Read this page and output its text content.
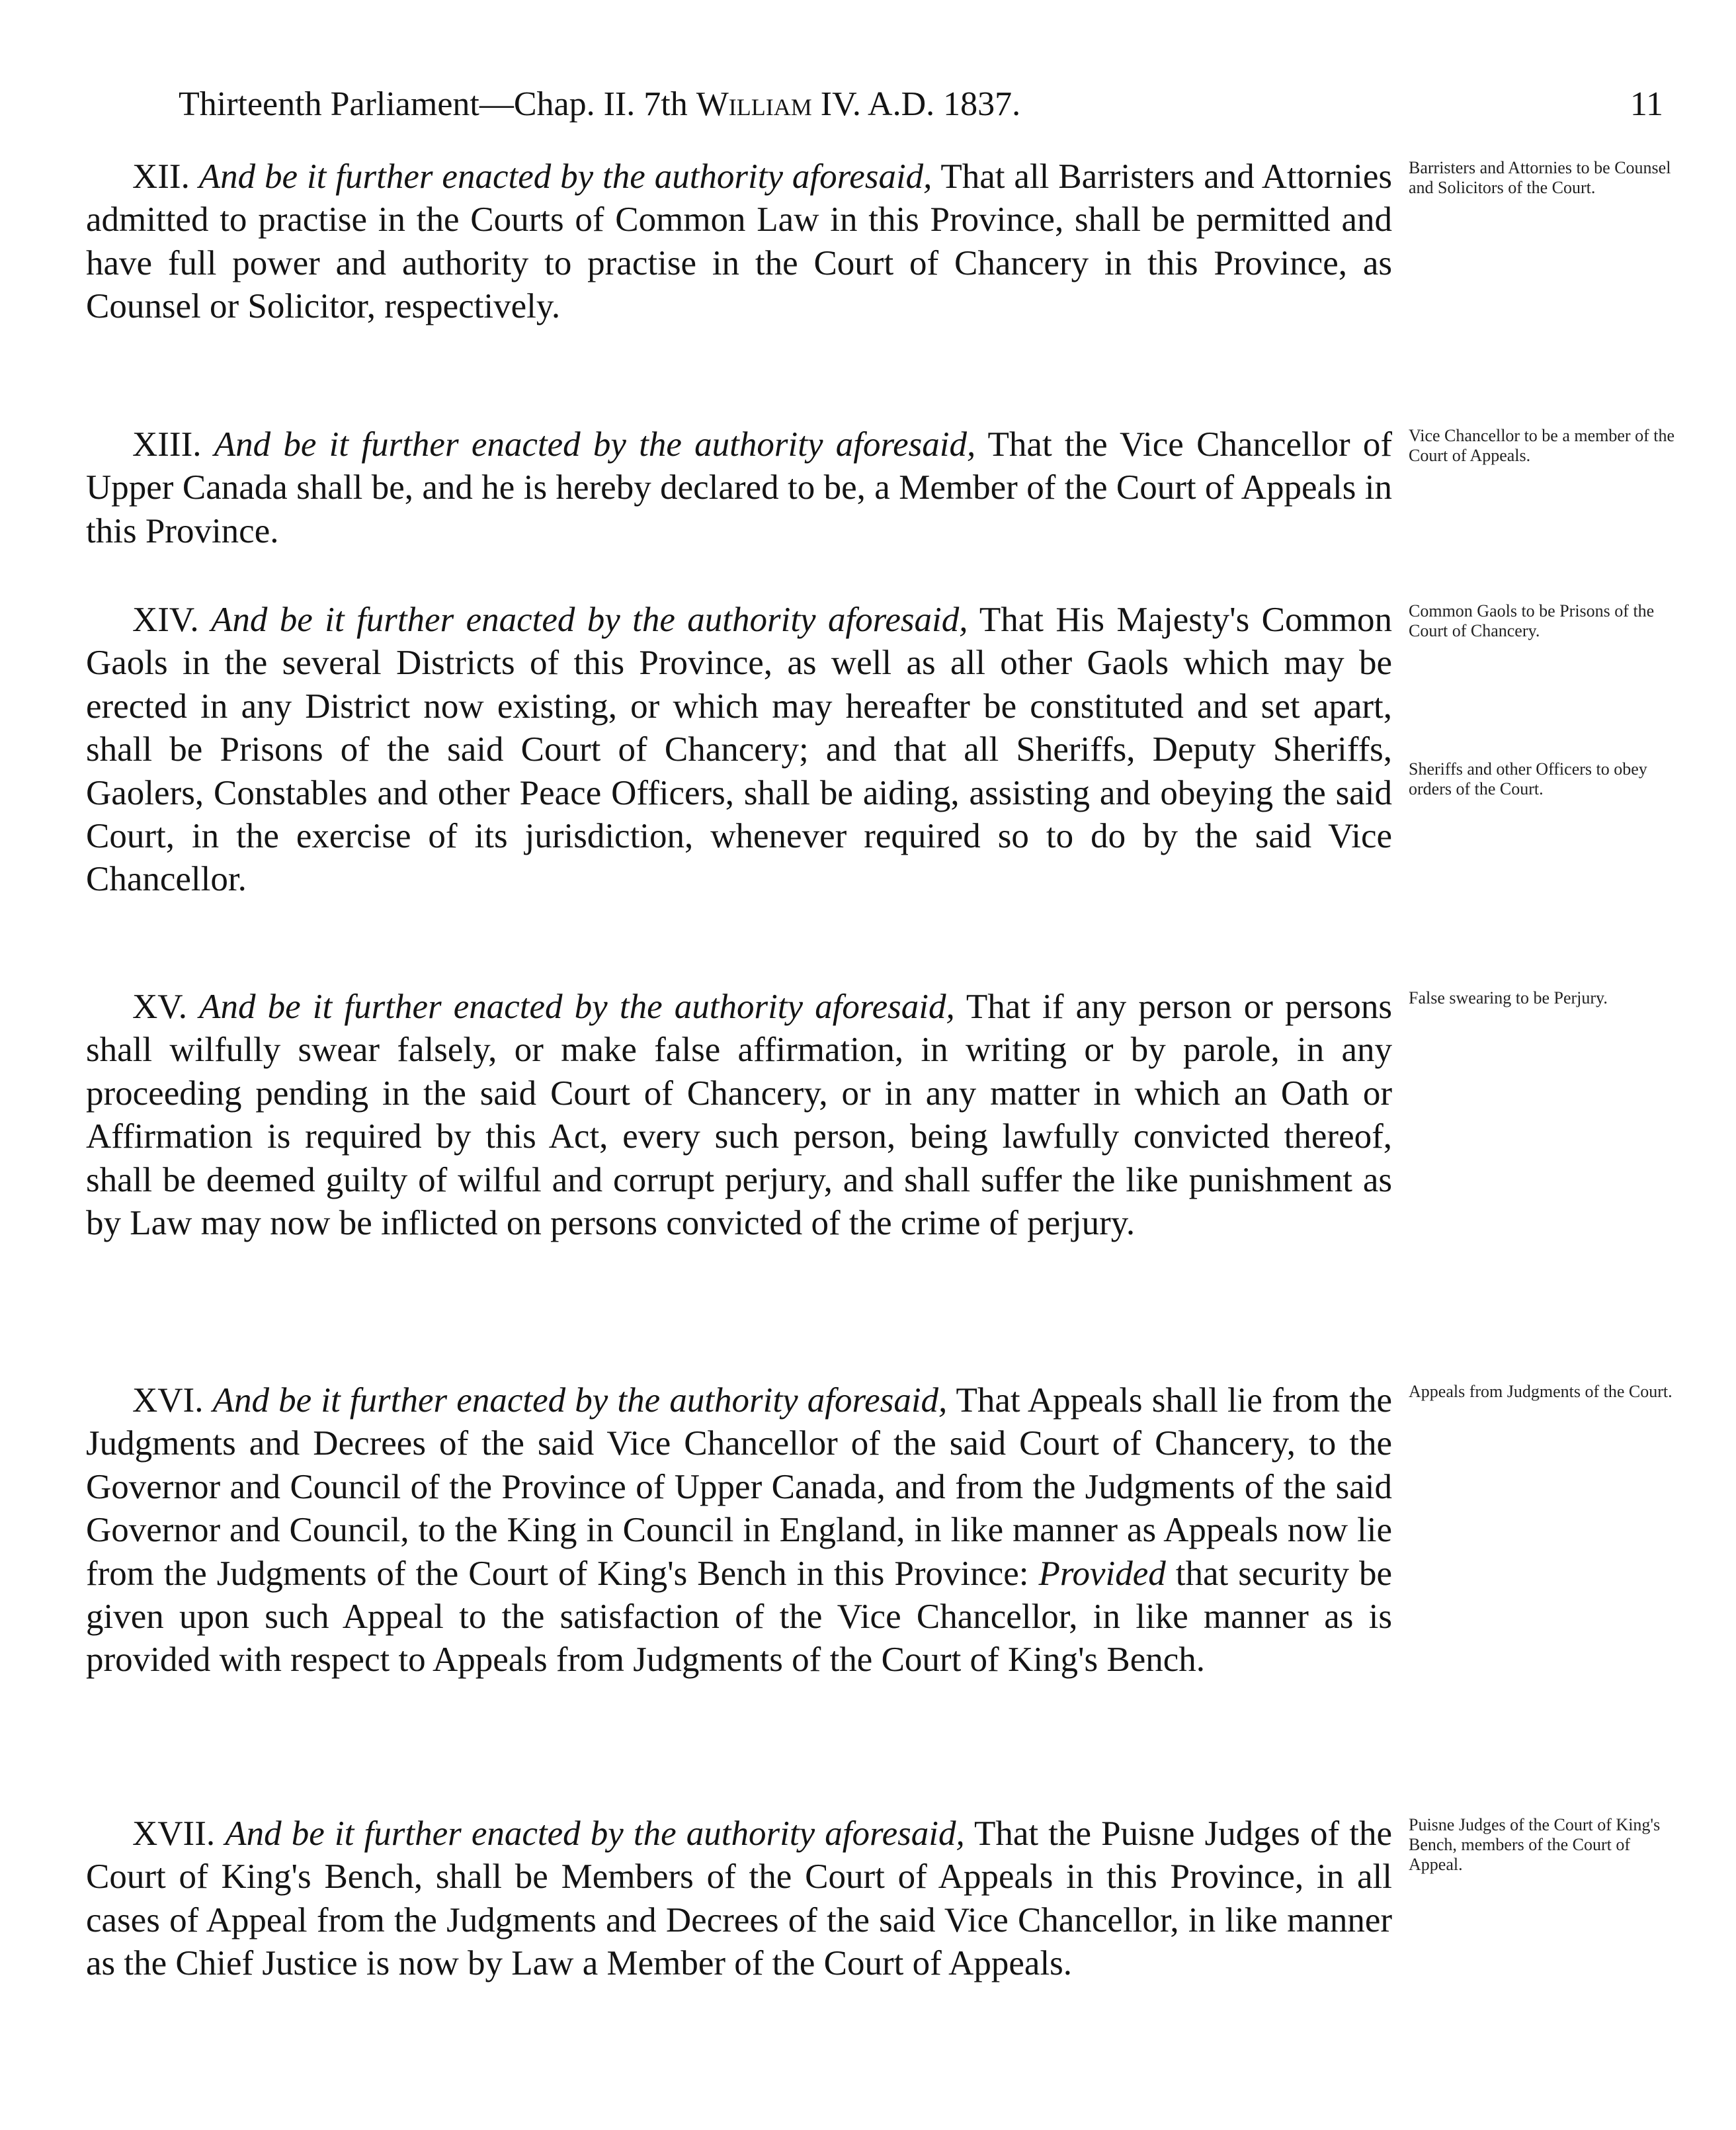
Thirteenth Parliament—Chap. II. 7th William IV. A.D. 1837.	11

XII. And be it further enacted by the authority aforesaid, That all Barristers and Attornies admitted to practise in the Courts of Common Law in this Province, shall be permitted and have full power and authority to practise in the Court of Chancery in this Province, as Counsel or Solicitor, respectively.

Barristers and Attornies to be Counsel and Solicitors of the Court.

XIII. And be it further enacted by the authority aforesaid, That the Vice Chancellor of Upper Canada shall be, and he is hereby declared to be, a Member of the Court of Appeals in this Province.

Vice Chancellor to be a member of the Court of Appeals.

XIV. And be it further enacted by the authority aforesaid, That His Majesty's Common Gaols in the several Districts of this Province, as well as all other Gaols which may be erected in any District now existing, or which may hereafter be constituted and set apart, shall be Prisons of the said Court of Chancery; and that all Sheriffs, Deputy Sheriffs, Gaolers, Constables and other Peace Officers, shall be aiding, assisting and obeying the said Court, in the exercise of its jurisdiction, whenever required so to do by the said Vice Chancellor.

Common Gaols to be Prisons of the Court of Chancery.
Sheriffs and other Officers to obey orders of the Court.

XV. And be it further enacted by the authority aforesaid, That if any person or persons shall wilfully swear falsely, or make false affirmation, in writing or by parole, in any proceeding pending in the said Court of Chancery, or in any matter in which an Oath or Affirmation is required by this Act, every such person, being lawfully convicted thereof, shall be deemed guilty of wilful and corrupt perjury, and shall suffer the like punishment as by Law may now be inflicted on persons convicted of the crime of perjury.

False swearing to be Perjury.

XVI. And be it further enacted by the authority aforesaid, That Appeals shall lie from the Judgments and Decrees of the said Vice Chancellor of the said Court of Chancery, to the Governor and Council of the Province of Upper Canada, and from the Judgments of the said Governor and Council, to the King in Council in England, in like manner as Appeals now lie from the Judgments of the Court of King's Bench in this Province: Provided that security be given upon such Appeal to the satisfaction of the Vice Chancellor, in like manner as is provided with respect to Appeals from Judgments of the Court of King's Bench.

Appeals from Judgments of the Court.

XVII. And be it further enacted by the authority aforesaid, That the Puisne Judges of the Court of King's Bench, shall be Members of the Court of Appeals in this Province, in all cases of Appeal from the Judgments and Decrees of the said Vice Chancellor, in like manner as the Chief Justice is now by Law a Member of the Court of Appeals.

Puisne Judges of the Court of King's Bench, members of the Court of Appeal.
